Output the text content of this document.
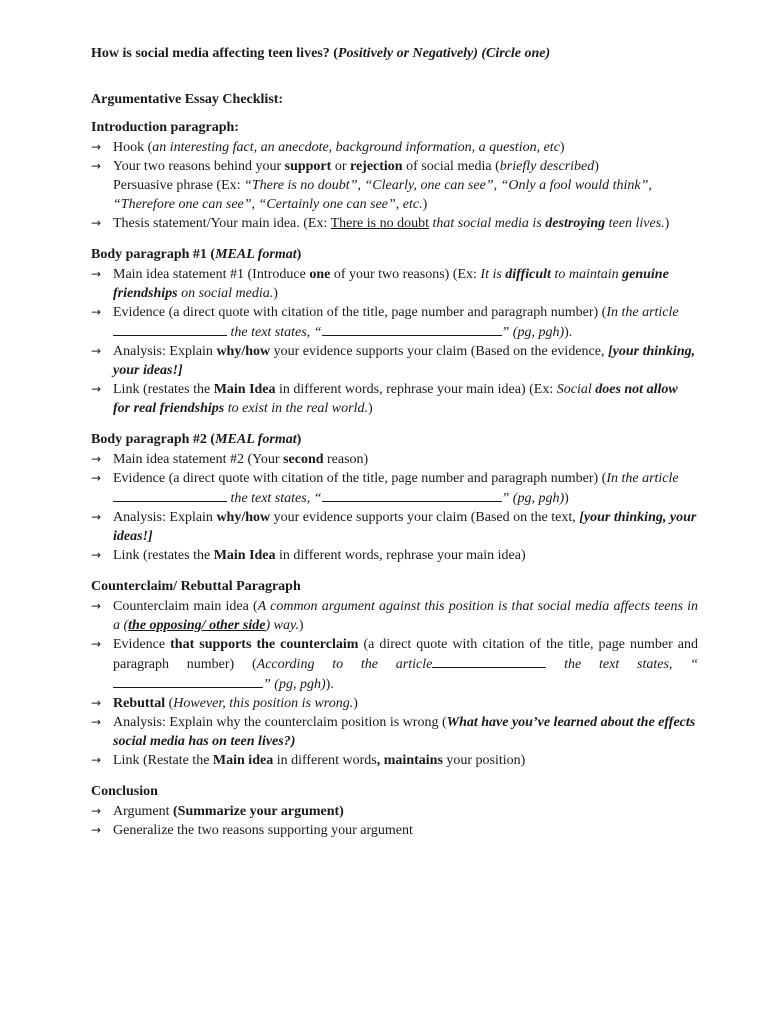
How is social media affecting teen lives? (Positively or Negatively) (Circle one)
Argumentative Essay Checklist:
Introduction paragraph:
→ Hook (an interesting fact, an anecdote, background information, a question, etc)
→ Your two reasons behind your support or rejection of social media (briefly described)
Persuasive phrase (Ex: “There is no doubt”, “Clearly, one can see”, “Only a fool would think”, “Therefore one can see”, “Certainly one can see”, etc.)
→ Thesis statement/Your main idea. (Ex: There is no doubt that social media is destroying teen lives.)
Body paragraph #1 (MEAL format)
→ Main idea statement #1 (Introduce one of your two reasons) (Ex: It is difficult to maintain genuine friendships on social media.)
→ Evidence (a direct quote with citation of the title, page number and paragraph number) (In the article the text states, “	” (pg, pgh)).
→ Analysis: Explain why/how your evidence supports your claim (Based on the evidence, [your thinking, your ideas!]
→ Link (restates the Main Idea in different words, rephrase your main idea) (Ex: Social does not allow for real friendships to exist in the real world.)
Body paragraph #2 (MEAL format)
→ Main idea statement #2 (Your second reason)
→ Evidence (a direct quote with citation of the title, page number and paragraph number) (In the article the text states, “	” (pg, pgh))
→ Analysis: Explain why/how your evidence supports your claim (Based on the text, [your thinking, your ideas!]
→ Link (restates the Main Idea in different words, rephrase your main idea)
Counterclaim/ Rebuttal Paragraph
→ Counterclaim main idea (A common argument against this position is that social media affects teens in a (the opposing/ other side) way.)
→ Evidence that supports the counterclaim (a direct quote with citation of the title, page number and paragraph number) (According to the article	the text states, “” (pg, pgh)).
→ Rebuttal (However, this position is wrong.)
→ Analysis: Explain why the counterclaim position is wrong (What have you’ve learned about the effects social media has on teen lives?)
→ Link (Restate the Main idea in different words, maintains your position)
Conclusion
→ Argument (Summarize your argument)
→ Generalize the two reasons supporting your argument
